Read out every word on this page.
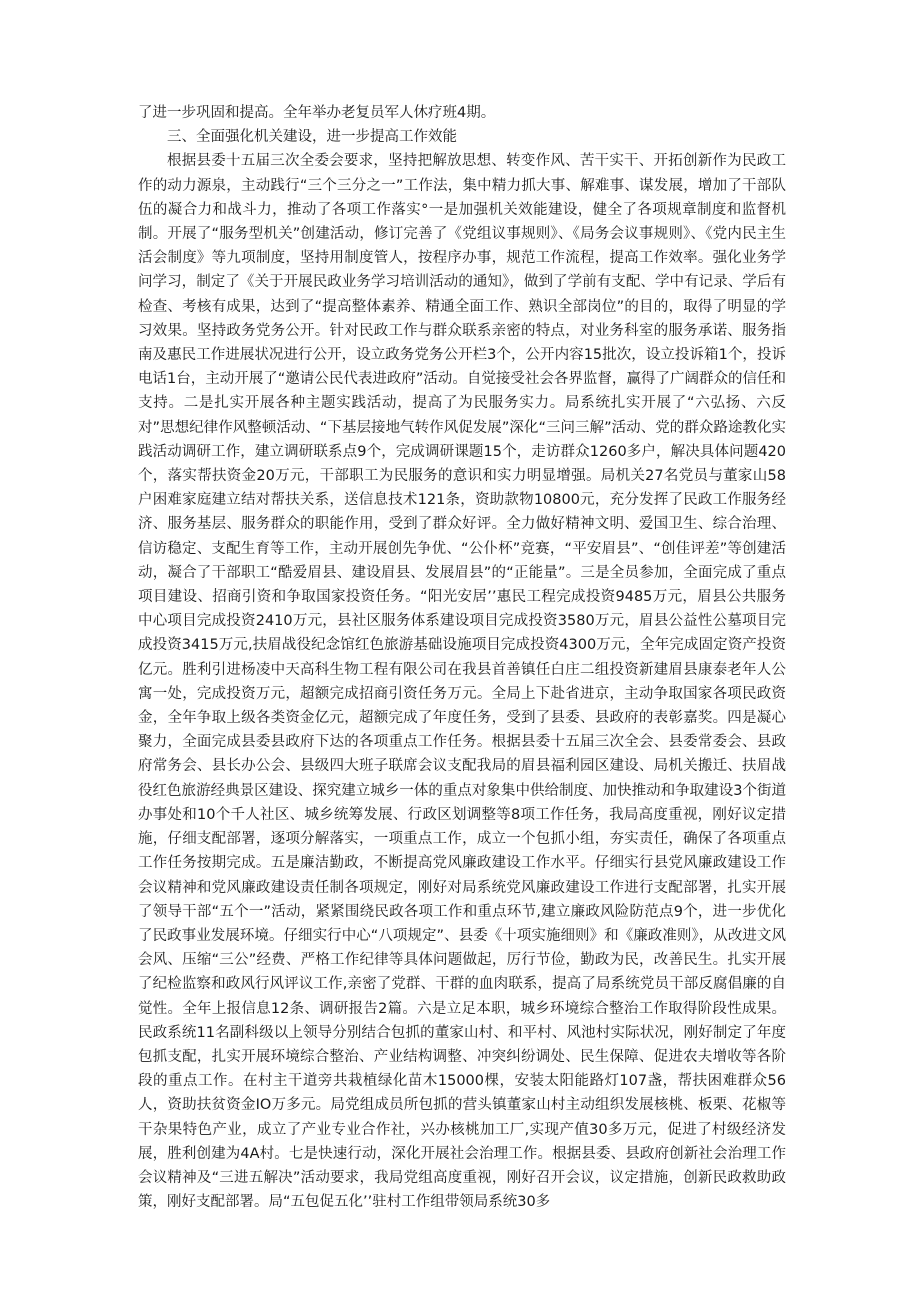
了进一步巩固和提高。全年举办老复员军人休疗班4期。

三、全面强化机关建设，进一步提高工作效能

根据县委十五届三次全委会要求，坚持把解放思想、转变作风、苦干实干、开拓创新作为民政工作的动力源泉，主动践行“三个三分之一”工作法，集中精力抓大事、解难事、谋发展，增加了干部队伍的凝合力和战斗力，推动了各项工作落实°一是加强机关效能建设，健全了各项规章制度和监督机制。开展了“服务型机关”创建活动，修订完善了《党组议事规则》、《局务会议事规则》、《党内民主生活会制度》等九项制度，坚持用制度管人，按程序办事，规范工作流程，提高工作效率。强化业务学问学习，制定了《关于开展民政业务学习培训活动的通知》，做到了学前有支配、学中有记录、学后有检查、考核有成果，达到了“提高整体素养、精通全面工作、熟识全部岗位”的目的，取得了明显的学习效果。坚持政务党务公开。针对民政工作与群众联系亲密的特点，对业务科室的服务承诺、服务指南及惠民工作进展状况进行公开，设立政务党务公开栏3个，公开内容15批次，设立投诉箱1个，投诉电话1台，主动开展了“邀请公民代表进政府”活动。自觉接受社会各界监督，赢得了广阔群众的信任和支持。二是扎实开展各种主题实践活动，提高了为民服务实力。局系统扎实开展了“六弘扬、六反对”思想纪律作风整顿活动、“下基层接地气转作风促发展”深化“三问三解”活动、党的群众路途教化实践活动调研工作，建立调研联系点9个，完成调研课题15个，走访群众1260多户，解决具体问题420个，落实帮扶资金20万元，干部职工为民服务的意识和实力明显增强。局机关27名党员与董家山58户困难家庭建立结对帮扶关系，送信息技术121条，资助款物10800元，充分发挥了民政工作服务经济、服务基层、服务群众的职能作用，受到了群众好评。全力做好精神文明、爱国卫生、综合治理、信访稳定、支配生育等工作，主动开展创先争优、“公仆杯”竞赛，“平安眉县”、“创佳评差”等创建活动，凝合了干部职工“酷爱眉县、建设眉县、发展眉县”的“正能量”。三是全员参加，全面完成了重点项目建设、招商引资和争取国家投资任务。“阳光安居’’惠民工程完成投资9485万元，眉县公共服务中心项目完成投资2410万元，县社区服务体系建设项目完成投资3580万元，眉县公益性公墓项目完成投资3415万元,扶眉战役纪念馆红色旅游基础设施项目完成投资4300万元，全年完成固定资产投资亿元。胜利引进杨凌中天高科生物工程有限公司在我县首善镇任白庄二组投资新建眉县康泰老年人公寓一处，完成投资万元，超额完成招商引资任务万元。全局上下赴省进京，主动争取国家各项民政资金，全年争取上级各类资金亿元，超额完成了年度任务，受到了县委、县政府的表彰嘉奖。四是凝心聚力，全面完成县委县政府下达的各项重点工作任务。根据县委十五届三次全会、县委常委会、县政府常务会、县长办公会、县级四大班子联席会议支配我局的眉县福利园区建设、局机关搬迁、扶眉战役红色旅游经典景区建设、探究建立城乡一体的重点对象集中供给制度、加快推动和争取建设3个街道办事处和10个千人社区、城乡统筹发展、行政区划调整等8项工作任务，我局高度重视，刚好议定措施，仔细支配部署，逐项分解落实，一项重点工作，成立一个包抓小组，夯实责任，确保了各项重点工作任务按期完成。五是廉洁勤政，不断提高党风廉政建设工作水平。仔细实行县党风廉政建设工作会议精神和党风廉政建设责任制各项规定，刚好对局系统党风廉政建设工作进行支配部署，扎实开展了领导干部“五个一”活动，紧紧围绕民政各项工作和重点环节,建立廉政风险防范点9个，进一步优化了民政事业发展环境。仔细实行中心“八项规定”、县委《十项实施细则》和《廉政准则》，从改进文风会风、压缩“三公”经费、严格工作纪律等具体问题做起，厉行节俭，勤政为民，改善民生。扎实开展了纪检监察和政风行风评议工作,亲密了党群、干群的血肉联系，提高了局系统党员干部反腐倡廉的自觉性。全年上报信息12条、调研报告2篇。六是立足本职，城乡环境综合整治工作取得阶段性成果。民政系统11名副科级以上领导分别结合包抓的董家山村、和平村、风池村实际状况，刚好制定了年度包抓支配，扎实开展环境综合整治、产业结构调整、冲突纠纷调处、民生保障、促进农夫增收等各阶段的重点工作。在村主干道旁共栽植绿化苗木15000棵，安装太阳能路灯107盏，帮扶困难群众56人，资助扶贫资金IO万多元。局党组成员所包抓的营头镇董家山村主动组织发展核桃、板栗、花椒等干杂果特色产业，成立了产业专业合作社，兴办核桃加工厂,实现产值30多万元，促进了村级经济发展，胜利创建为4A村。七是快速行动，深化开展社会治理工作。根据县委、县政府创新社会治理工作会议精神及“三进五解决”活动要求，我局党组高度重视，刚好召开会议，议定措施，创新民政救助政策，刚好支配部署。局“五包促五化’’驻村工作组带领局系统30多
